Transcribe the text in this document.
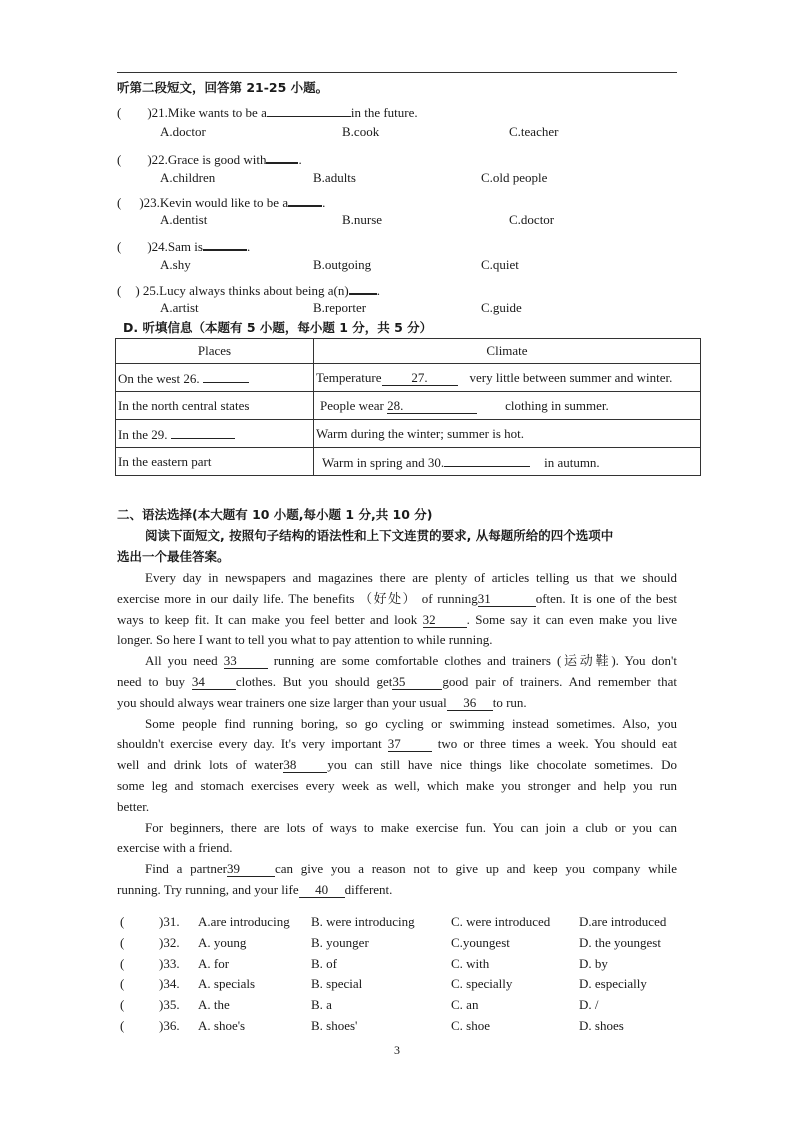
听第二段短文，回答第 21-25 小题。
( )21.Mike wants to be a	in the future.
A.doctor	B.cook	C.teacher
( )22.Grace is good with .
A.children	B.adults	C.old people
( )23.Kevin would like to be a	.
A.dentist	B.nurse	C.doctor
( )24.Sam is	.
A.shy	B.outgoing	C.quiet
( ) 25.Lucy always thinks about being a(n) .
A.artist	B.reporter	C.guide
D. 听填信息（本题有 5 小题，每小题 1 分，共 5 分）
Places	Climate
On the west 26.	Temperature 27. very little between summer and winter.
In the north central states	People wear 28. clothing in summer.
In the 29.	Warm during the winter; summer is hot.
In the eastern part	Warm in spring and 30. in autumn.
二、语法选择(本大题有 10 小题,每小题 1 分,共 10 分)
阅读下面短文, 按照句子结构的语法性和上下文连贯的要求, 从每题所给的四个选项中
选出一个最佳答案。

Every day in newspapers and magazines there are plenty of articles telling us that we should

exercise more in our daily life. The benefits （好处） of running31	often. It is one of the best
ways to keep fit. It can make you feel better and look 32 . Some say it can even make you live
longer. So here I want to tell you what to pay attention to while running.
All you need 33	running are some comfortable clothes and trainers (运动鞋). You don't
need to buy 34 clothes. But you should get35	good pair of trainers. And remember that
you should always wear trainers one size larger than your usual 36 to run.

Some people find running boring, so go cycling or swimming instead sometimes. Also, you

shouldn't exercise every day. It's very important 37	two or three times a week. You should eat
well and drink lots of water38 you can still have nice things like chocolate sometimes. Do
some leg and stomach exercises every week as well, which make you stronger and help you run
better.

For beginners, there are lots of ways to make exercise fun. You can join a club or you can

exercise with a friend.
Find a partner39	can give you a reason not to give up and keep you company while
running. Try running, and your life 40 different.
(	)31. A.are introducing B. were introducing	C. were introduced D.are introduced
(	)32. A. young	B. younger	C.youngest	D. the youngest
(	)33. A. for	B. of	C. with	D. by
(	)34. A. specials	B. special	C. specially	D. especially
(	)35. A. the	B. a	C. an	D. /
(	)36. A. shoe's	B. shoes'	C. shoe	D. shoes
3
